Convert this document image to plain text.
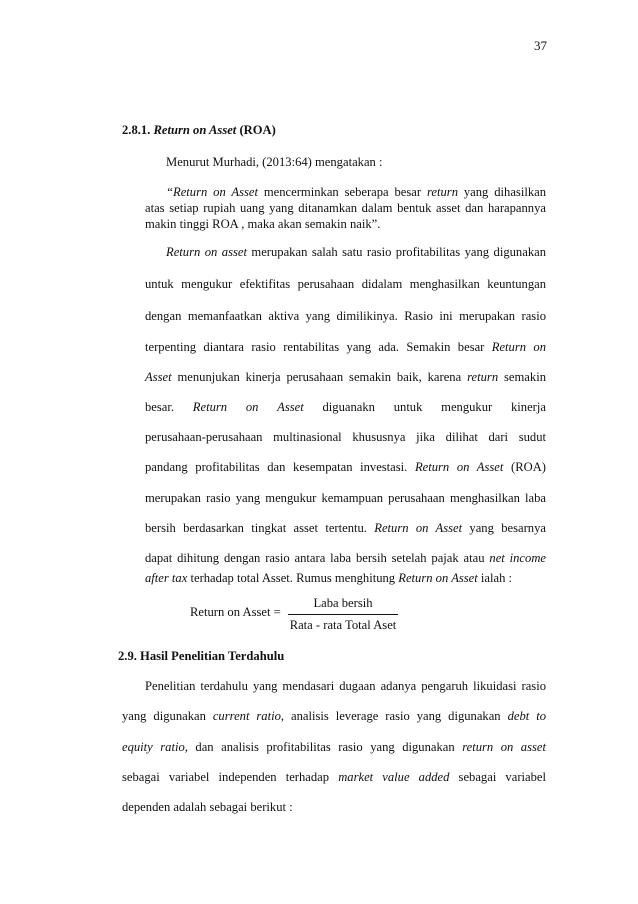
37
2.8.1. Return on Asset (ROA)
Menurut Murhadi, (2013:64) mengatakan :
“Return on Asset mencerminkan seberapa besar return yang dihasilkan
atas setiap rupiah uang yang ditanamkan dalam bentuk asset dan harapannya
makin tinggi ROA , maka akan semakin naik”.
Return on asset merupakan salah satu rasio profitabilitas yang digunakan
untuk mengukur efektifitas perusahaan didalam menghasilkan keuntungan
dengan memanfaatkan aktiva yang dimilikinya. Rasio ini merupakan rasio
terpenting diantara rasio rentabilitas yang ada. Semakin besar Return on
Asset menunjukan kinerja perusahaan semakin baik, karena return semakin
besar. Return on Asset diguanakn untuk mengukur kinerja
perusahaan-perusahaan multinasional khususnya jika dilihat dari sudut
pandang profitabilitas dan kesempatan investasi. Return on Asset (ROA)
merupakan rasio yang mengukur kemampuan perusahaan menghasilkan laba
bersih berdasarkan tingkat asset tertentu. Return on Asset yang besarnya
dapat dihitung dengan rasio antara laba bersih setelah pajak atau net income
after tax terhadap total Asset. Rumus menghitung Return on Asset ialah :
Return on Asset =
Laba bersih
Rata - rata Total Aset
2.9. Hasil Penelitian Terdahulu
Penelitian terdahulu yang mendasari dugaan adanya pengaruh likuidasi rasio
yang digunakan current ratio, analisis leverage rasio yang digunakan debt to
equity ratio, dan analisis profitabilitas rasio yang digunakan return on asset
sebagai variabel independen terhadap market value added sebagai variabel
dependen adalah sebagai berikut :
